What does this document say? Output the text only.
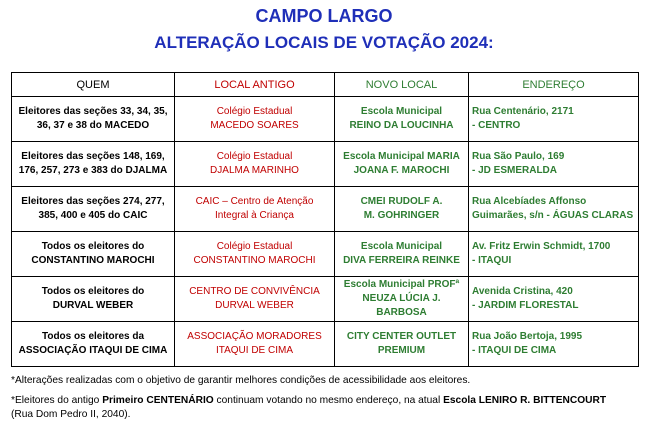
CAMPO LARGO
ALTERAÇÃO LOCAIS DE VOTAÇÃO 2024:
QUEM	LOCAL ANTIGO	NOVO LOCAL	ENDEREÇO

Eleitores das seções 33, 34, 35,
36, 37 e 38 do MACEDO	Colégio Estadual
MACEDO SOARES	Escola Municipal
REINO DA LOUCINHA	Rua Centenário, 2171
- CENTRO

Eleitores das seções 148, 169,
176, 257, 273 e 383 do DJALMA	Colégio Estadual
DJALMA MARINHO	Escola Municipal MARIA
JOANA F. MAROCHI	Rua São Paulo, 169
- JD ESMERALDA

Eleitores das seções 274, 277,
385, 400 e 405 do CAIC	CAIC – Centro de Atenção
Integral à Criança	CMEI RUDOLF A.
M. GOHRINGER	Rua Alcebíades Affonso
Guimarães, s/n - ÁGUAS CLARAS

Todos os eleitores do
CONSTANTINO MAROCHI	Colégio Estadual
CONSTANTINO MAROCHI	Escola Municipal
DIVA FERREIRA REINKE	Av. Fritz Erwin Schmidt, 1700
- ITAQUI

Todos os eleitores do
DURVAL WEBER	CENTRO DE CONVIVÊNCIA
DURVAL WEBER	Escola Municipal PROFª
NEUZA LÚCIA J. BARBOSA	Avenida Cristina, 420
- JARDIM FLORESTAL

Todos os eleitores da
ASSOCIAÇÃO ITAQUI DE CIMA	ASSOCIAÇÃO MORADORES
ITAQUI DE CIMA	CITY CENTER OUTLET
PREMIUM	Rua João Bertoja, 1995
- ITAQUI DE CIMA

*Alterações realizadas com o objetivo de garantir melhores condições de acessibilidade aos eleitores.

*Eleitores do antigo Primeiro CENTENÁRIO continuam votando no mesmo endereço, na atual Escola LENIRO R. BITTENCOURT
(Rua Dom Pedro II, 2040).
